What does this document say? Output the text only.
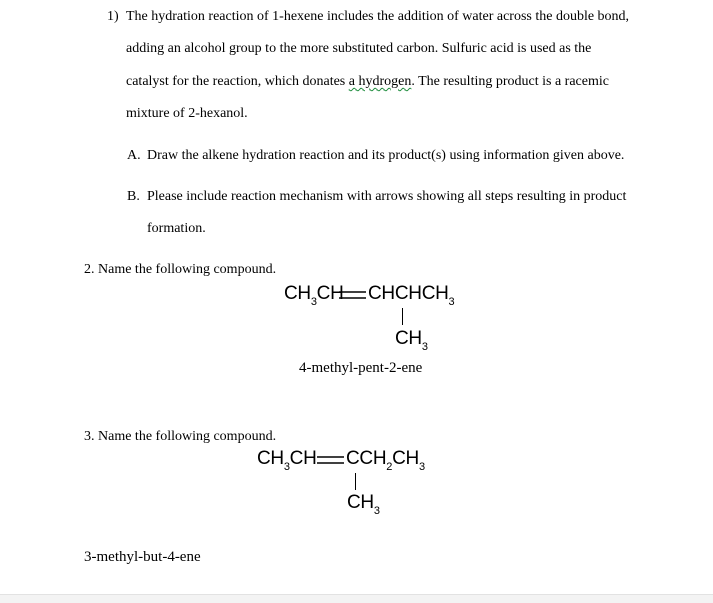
1) The hydration reaction of 1-hexene includes the addition of water across the double bond,
adding an alcohol group to the more substituted carbon. Sulfuric acid is used as the
catalyst for the reaction, which donates a hydrogen. The resulting product is a racemic
mixture of 2-hexanol.
A. Draw the alkene hydration reaction and its product(s) using information given above.
B. Please include reaction mechanism with arrows showing all steps resulting in product
formation.
2. Name the following compound.
$CH_3CH$ $CHCHCH_3$
$CH_3$
4-methyl-pent-2-ene
3. Name the following compound.
$CH_3CH$ $CCH_2CH_3$
$CH_3$
3-methyl-but-4-ene
